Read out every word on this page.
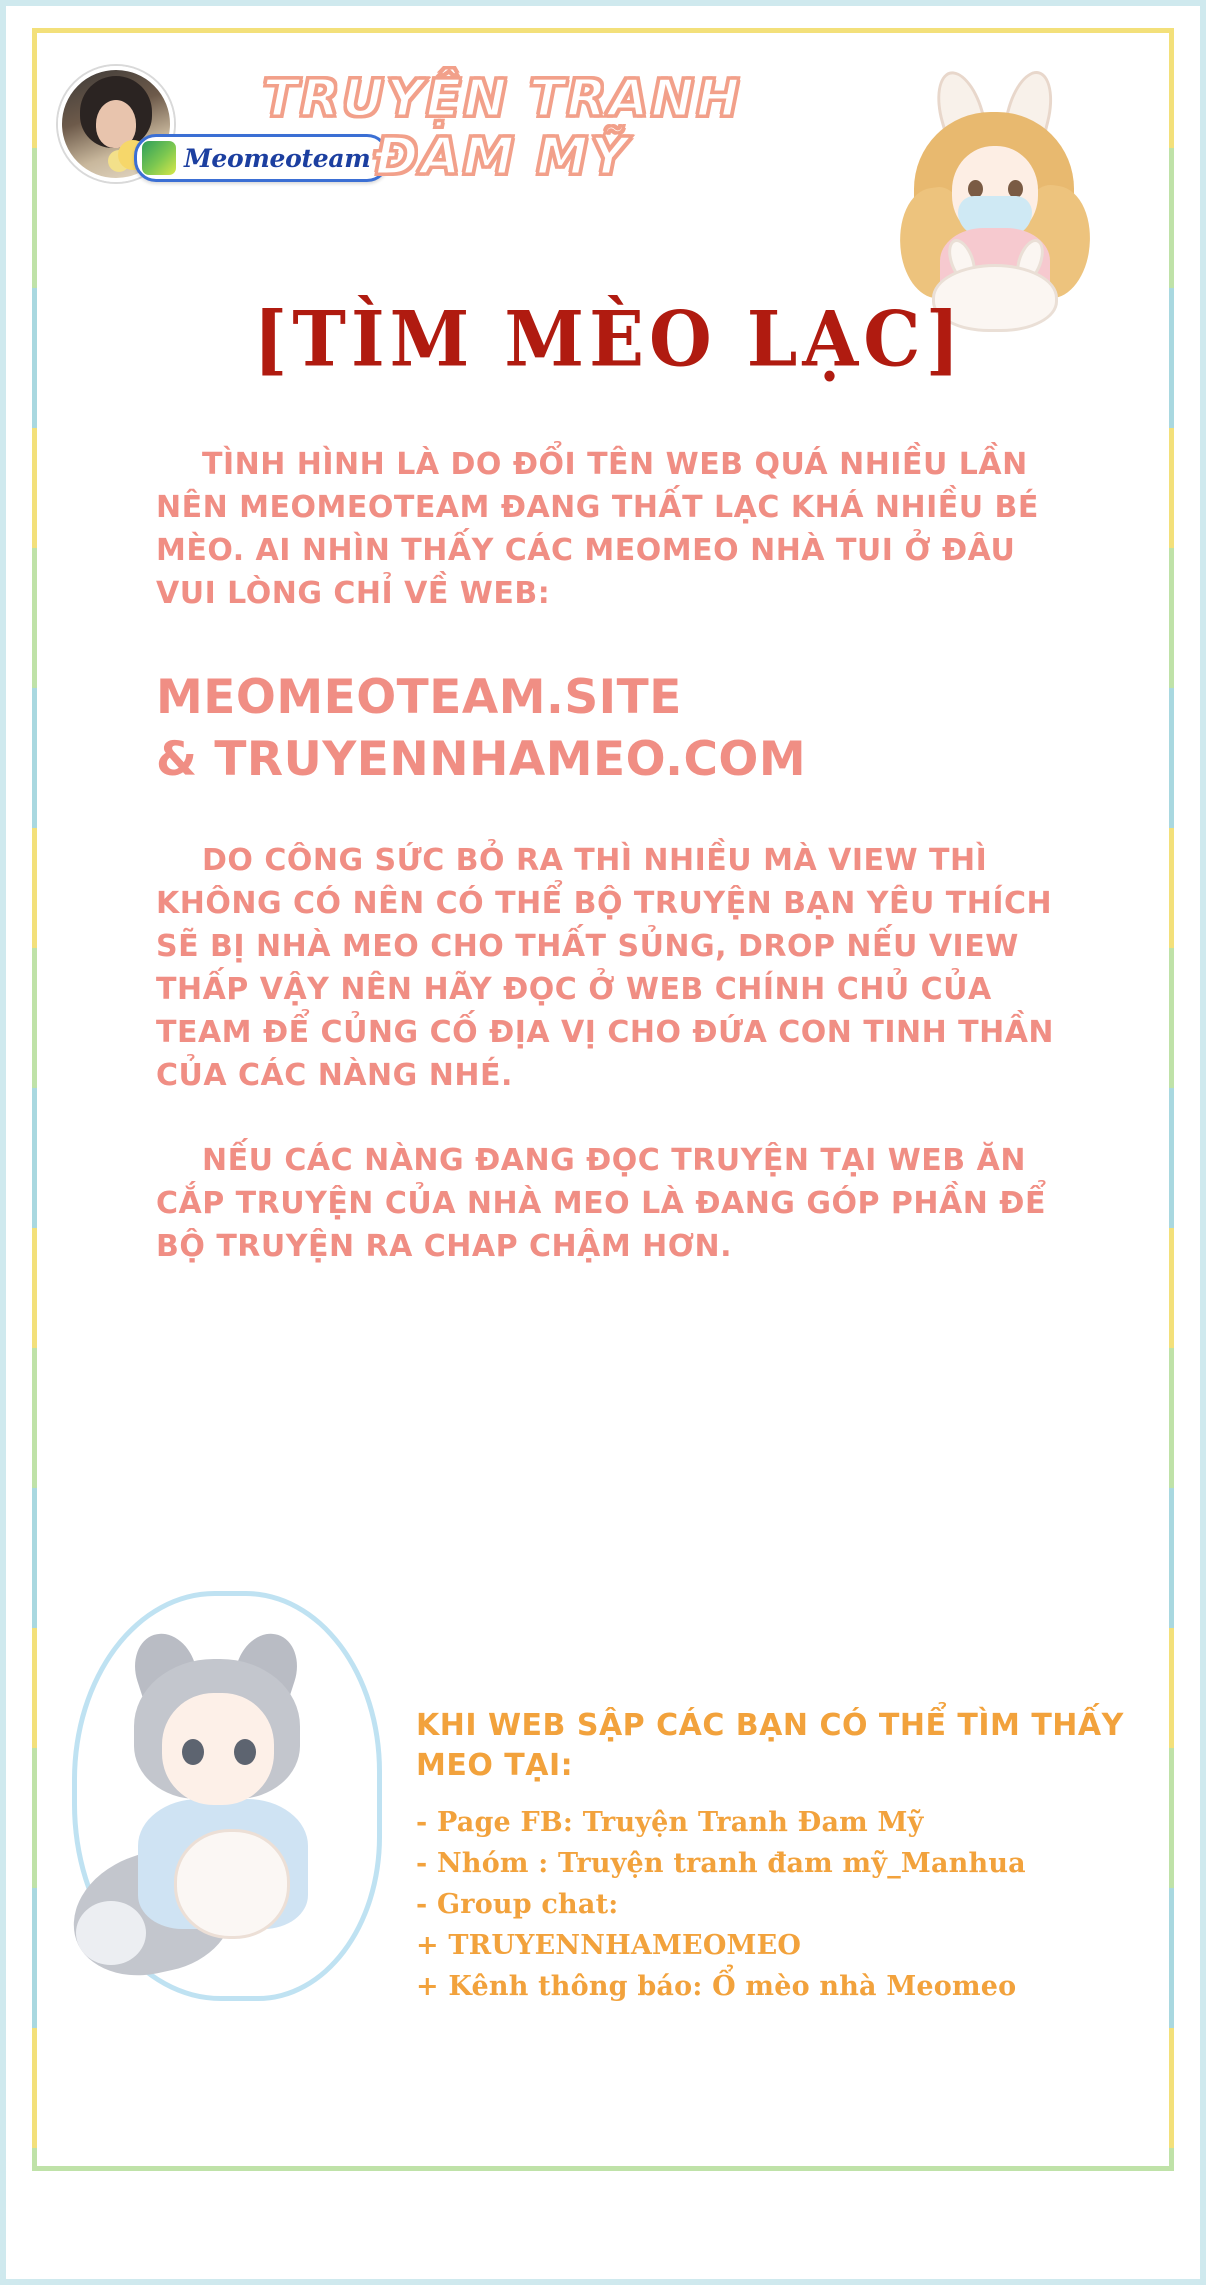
Meomeoteam
TRUYỆN TRANH
ĐAM MỸ
[TÌM MÈO LẠC]

TÌNH HÌNH LÀ DO ĐỔI TÊN WEB QUÁ NHIỀU LẦN NÊN MEOMEOTEAM ĐANG THẤT LẠC KHÁ NHIỀU BÉ MÈO. AI NHÌN THẤY CÁC MEOMEO NHÀ TUI Ở ĐÂU VUI LÒNG CHỈ VỀ WEB:

MEOMEOTEAM.SITE
& TRUYENNHAMEO.COM

DO CÔNG SỨC BỎ RA THÌ NHIỀU MÀ VIEW THÌ KHÔNG CÓ NÊN CÓ THỂ BỘ TRUYỆN BẠN YÊU THÍCH SẼ BỊ NHÀ MEO CHO THẤT SỦNG, DROP NẾU VIEW THẤP VẬY NÊN HÃY ĐỌC Ở WEB CHÍNH CHỦ CỦA TEAM ĐỂ CỦNG CỐ ĐỊA VỊ CHO ĐỨA CON TINH THẦN CỦA CÁC NÀNG NHÉ.

NẾU CÁC NÀNG ĐANG ĐỌC TRUYỆN TẠI WEB ĂN CẮP TRUYỆN CỦA NHÀ MEO LÀ ĐANG GÓP PHẦN ĐỂ BỘ TRUYỆN RA CHAP CHẬM HƠN.

KHI WEB SẬP CÁC BẠN CÓ THỂ TÌM THẤY MEO TẠI:

- Page FB: Truyện Tranh Đam Mỹ

- Nhóm : Truyện tranh đam mỹ_Manhua

- Group chat:

+ TRUYENNHAMEOMEO

+ Kênh thông báo: Ổ mèo nhà Meomeo
